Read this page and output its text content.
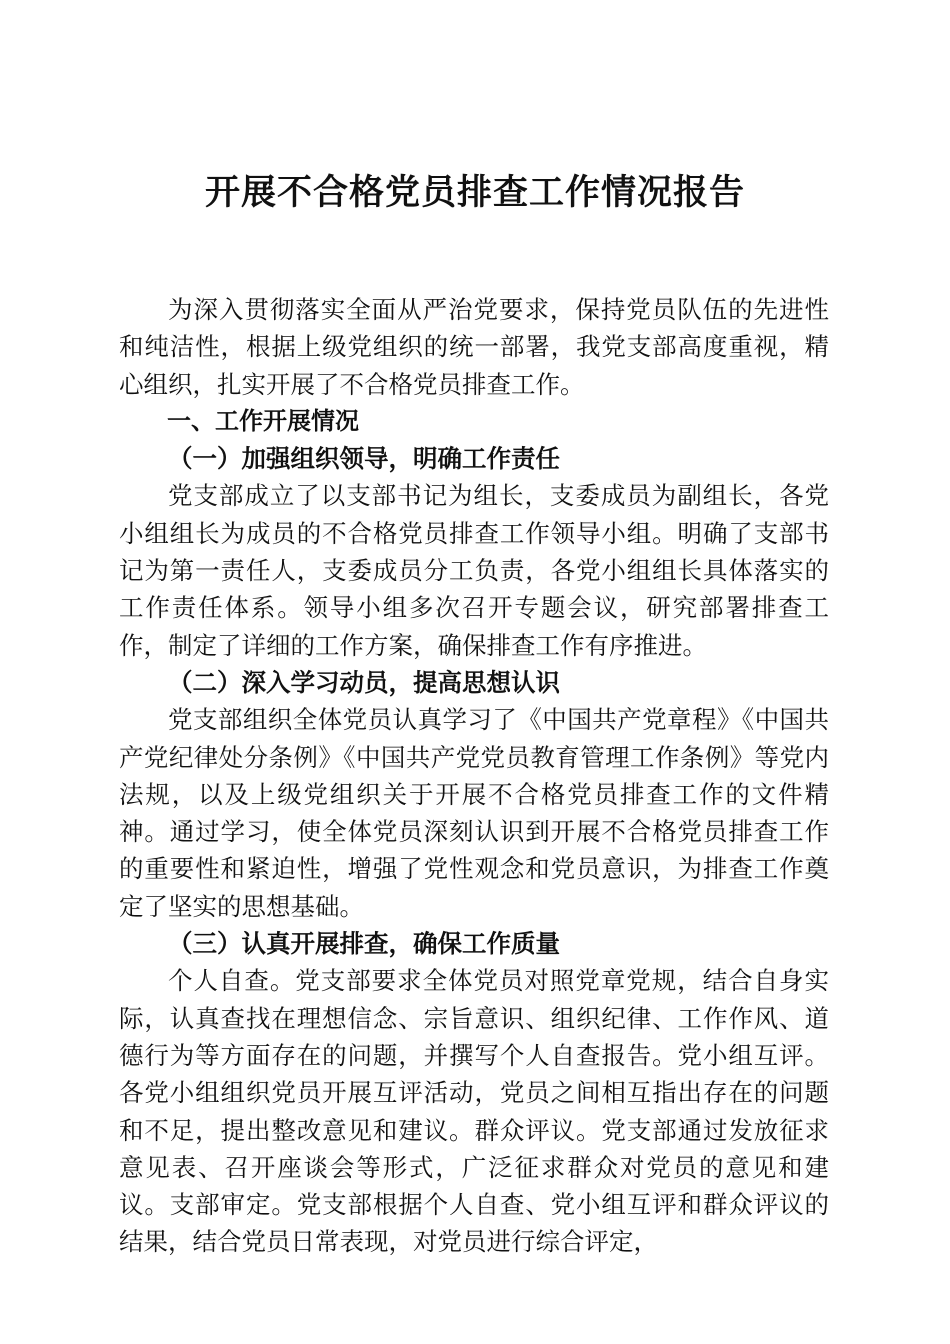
开展不合格党员排查工作情况报告

为深入贯彻落实全面从严治党要求，保持党员队伍的先进性和纯洁性，根据上级党组织的统一部署，我党支部高度重视，精心组织，扎实开展了不合格党员排查工作。

一、工作开展情况

（一）加强组织领导，明确工作责任

党支部成立了以支部书记为组长，支委成员为副组长，各党小组组长为成员的不合格党员排查工作领导小组。明确了支部书记为第一责任人，支委成员分工负责，各党小组组长具体落实的工作责任体系。领导小组多次召开专题会议，研究部署排查工作，制定了详细的工作方案，确保排查工作有序推进。

（二）深入学习动员，提高思想认识

党支部组织全体党员认真学习了《中国共产党章程》《中国共产党纪律处分条例》《中国共产党党员教育管理工作条例》等党内法规，以及上级党组织关于开展不合格党员排查工作的文件精神。通过学习，使全体党员深刻认识到开展不合格党员排查工作的重要性和紧迫性，增强了党性观念和党员意识，为排查工作奠定了坚实的思想基础。

（三）认真开展排查，确保工作质量

个人自查。党支部要求全体党员对照党章党规，结合自身实际，认真查找在理想信念、宗旨意识、组织纪律、工作作风、道德行为等方面存在的问题，并撰写个人自查报告。党小组互评。各党小组组织党员开展互评活动，党员之间相互指出存在的问题和不足，提出整改意见和建议。群众评议。党支部通过发放征求意见表、召开座谈会等形式，广泛征求群众对党员的意见和建议。支部审定。党支部根据个人自查、党小组互评和群众评议的结果，结合党员日常表现，对党员进行综合评定，
